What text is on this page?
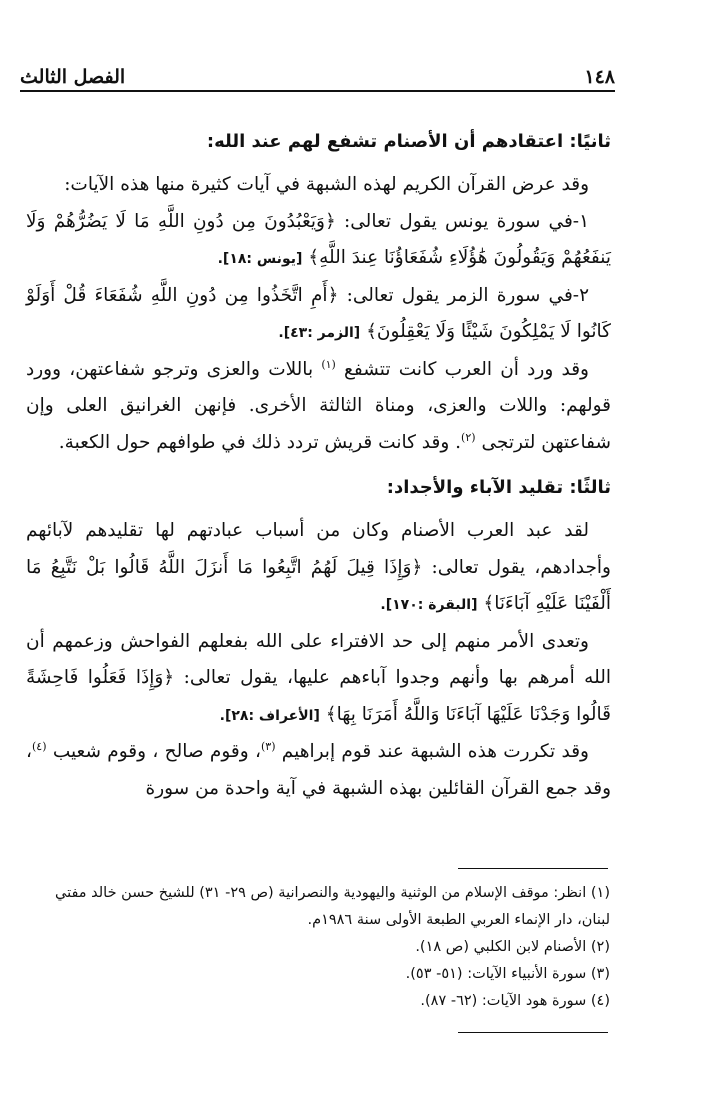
١٤٨
الفصل الثالث

ثانيًا: اعتقادهم أن الأصنام تشفع لهم عند الله:

وقد عرض القرآن الكريم لهذه الشبهة في آيات كثيرة منها هذه الآيات:

١-في سورة يونس يقول تعالى: ﴿وَيَعْبُدُونَ مِن دُونِ اللَّهِ مَا لَا يَضُرُّهُمْ وَلَا يَنفَعُهُمْ وَيَقُولُونَ هَٰؤُلَاءِ شُفَعَاؤُنَا عِندَ اللَّهِ﴾ [يونس :١٨].

٢-في سورة الزمر يقول تعالى: ﴿أَمِ اتَّخَذُوا مِن دُونِ اللَّهِ شُفَعَاءَ قُلْ أَوَلَوْ كَانُوا لَا يَمْلِكُونَ شَيْئًا وَلَا يَعْقِلُونَ﴾ [الزمر :٤٣].

وقد ورد أن العرب كانت تتشفع $^{(١)}$ باللات والعزى وترجو شفاعتهن، وورد قولهم: واللات والعزى، ومناة الثالثة الأخرى. فإنهن الغرانيق العلى وإن شفاعتهن لترتجى $^{(٢)}$. وقد كانت قريش تردد ذلك في طوافهم حول الكعبة.

ثالثًا: تقليد الآباء والأجداد:

لقد عبد العرب الأصنام وكان من أسباب عبادتهم لها تقليدهم لآبائهم وأجدادهم، يقول تعالى: ﴿وَإِذَا قِيلَ لَهُمُ اتَّبِعُوا مَا أَنزَلَ اللَّهُ قَالُوا بَلْ نَتَّبِعُ مَا أَلْفَيْنَا عَلَيْهِ آبَاءَنَا﴾ [البقرة :١٧٠].

وتعدى الأمر منهم إلى حد الافتراء على الله بفعلهم الفواحش وزعمهم أن الله أمرهم بها وأنهم وجدوا آباءهم عليها، يقول تعالى: ﴿وَإِذَا فَعَلُوا فَاحِشَةً قَالُوا وَجَدْنَا عَلَيْهَا آبَاءَنَا وَاللَّهُ أَمَرَنَا بِهَا﴾ [الأعراف :٢٨].

وقد تكررت هذه الشبهة عند قوم إبراهيم $^{(٣)}$، وقوم صالح ، وقوم شعيب $^{(٤)}$، وقد جمع القرآن القائلين بهذه الشبهة في آية واحدة من سورة

(١) انظر: موقف الإسلام من الوثنية واليهودية والنصرانية (ص ٢٩- ٣١) للشيخ حسن خالد مفتي لبنان، دار الإنماء العربي الطبعة الأولى سنة ١٩٨٦م.

(٢) الأصنام لابن الكلبي (ص ١٨).

(٣) سورة الأنبياء الآيات: (٥١- ٥٣).

(٤) سورة هود الآيات: (٦٢- ٨٧).
